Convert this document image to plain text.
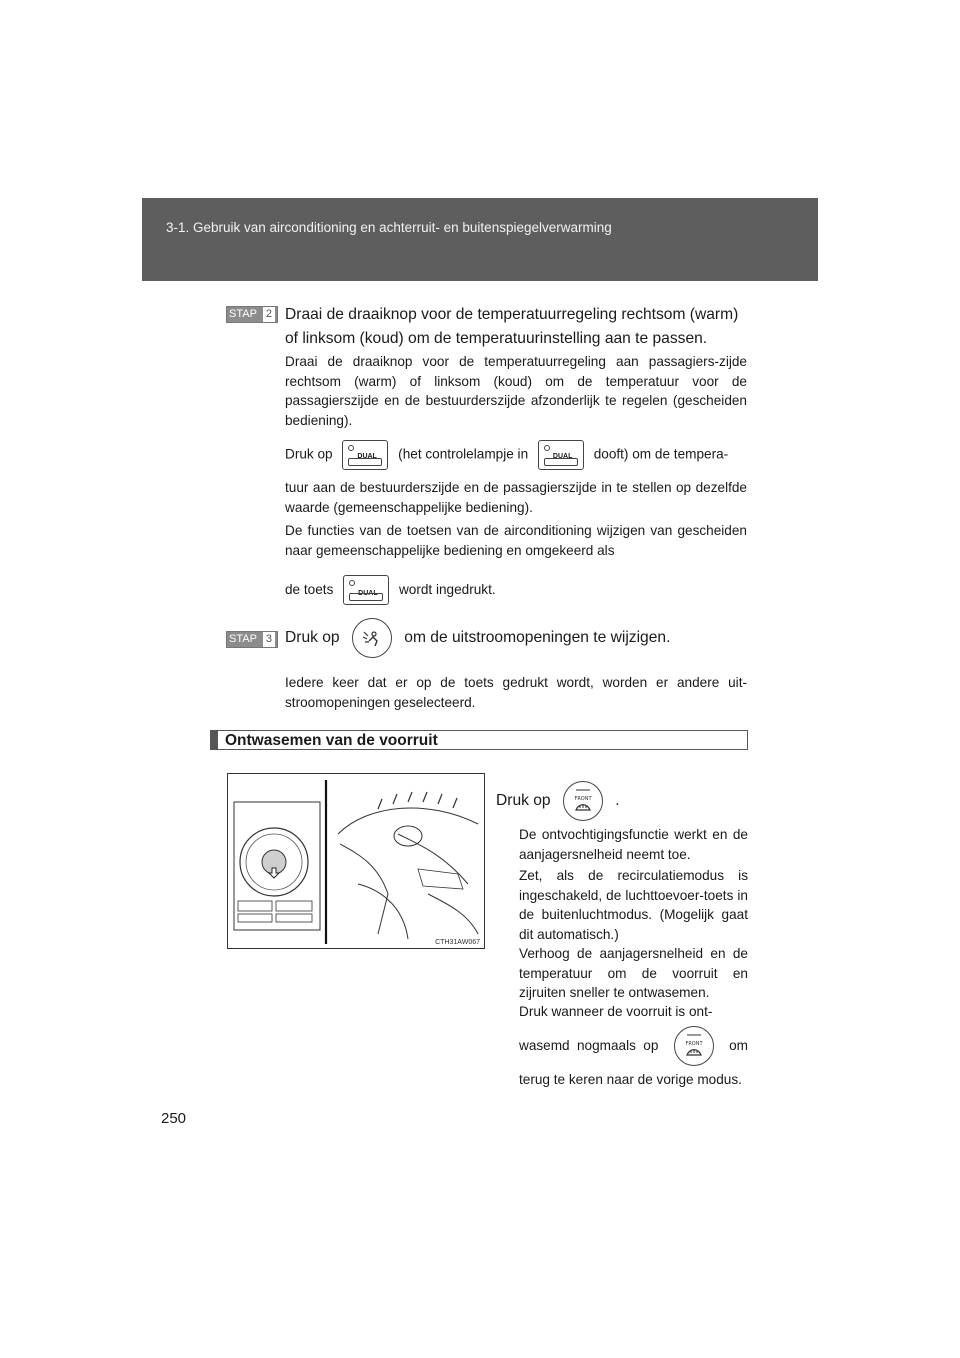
3-1. Gebruik van airconditioning en achterruit- en buitenspiegelverwarming
STAP 2 Draai de draaiknop voor de temperatuurregeling rechtsom (warm) of linksom (koud) om de temperatuurinstelling aan te passen.
Draai de draaiknop voor de temperatuurregeling aan passagiers-zijde rechtsom (warm) of linksom (koud) om de temperatuur voor de passagierszijde en de bestuurderszijde afzonderlijk te regelen (gescheiden bediening).
Druk op	DUAL (het controlelampje in	DUAL dooft) om de tempera-
tuur aan de bestuurderszijde en de passagierszijde in te stellen op dezelfde waarde (gemeenschappelijke bediening).
De functies van de toetsen van de airconditioning wijzigen van gescheiden naar gemeenschappelijke bediening en omgekeerd als
de toets	DUAL wordt ingedrukt.
STAP 3 Druk op	om de uitstroomopeningen te wijzigen.
Iedere keer dat er op de toets gedrukt wordt, worden er andere uit-stroomopeningen geselecteerd.
Ontwasemen van de voorruit
CTH31AW067
Druk op	FRONT .
De ontvochtigingsfunctie werkt en de aanjagersnelheid neemt toe.
Zet, als de recirculatiemodus is ingeschakeld, de luchttoevoer-toets in de buitenluchtmodus. (Mogelijk gaat dit automatisch.)
Verhoog de aanjagersnelheid en de temperatuur om de voorruit en zijruiten sneller te ontwasemen.
Druk wanneer de voorruit is ont-
wasemd nogmaals op	FRONT om
terug te keren naar de vorige modus.
250
